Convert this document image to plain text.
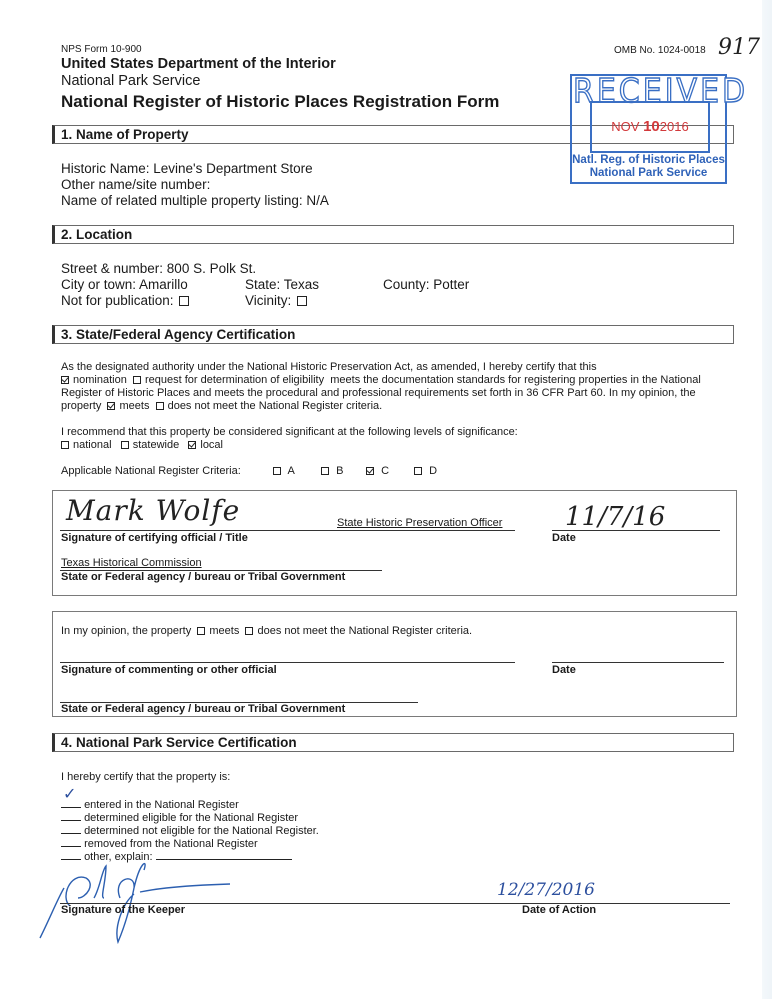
NPS Form 10-900
United States Department of the Interior
National Park Service
National Register of Historic Places Registration Form
OMB No. 1024-0018 917
1. Name of Property
RECEIVED
NOV 102016
Natl. Reg. of Historic Places
National Park Service
Historic Name: Levine's Department Store
Other name/site number:
Name of related multiple property listing: N/A
2. Location
Street & number: 800 S. Polk St.
City or town: Amarillo	State: Texas	County: Potter
Not for publication:	Vicinity:
3. State/Federal Agency Certification
As the designated authority under the National Historic Preservation Act, as amended, I hereby certify that this
nomination request for determination of eligibility meets the documentation standards for registering properties in the National
Register of Historic Places and meets the procedural and professional requirements set forth in 36 CFR Part 60. In my opinion, the
property meets does not meet the National Register criteria.
I recommend that this property be considered significant at the following levels of significance:
national statewide local
Applicable National Register Criteria:	A	B	C	D
Mark Wolfe	State Historic Preservation Officer
Signature of certifying official / Title
11/7/16
Date
Texas Historical Commission
State or Federal agency / bureau or Tribal Government
In my opinion, the property meets does not meet the National Register criteria.
Signature of commenting or other official	Date
State or Federal agency / bureau or Tribal Government
4. National Park Service Certification
I hereby certify that the property is:
✓
entered in the National Register
determined eligible for the National Register
determined not eligible for the National Register.
removed from the National Register
other, explain:
Signature of the Keeper
12/27/2016
Date of Action
